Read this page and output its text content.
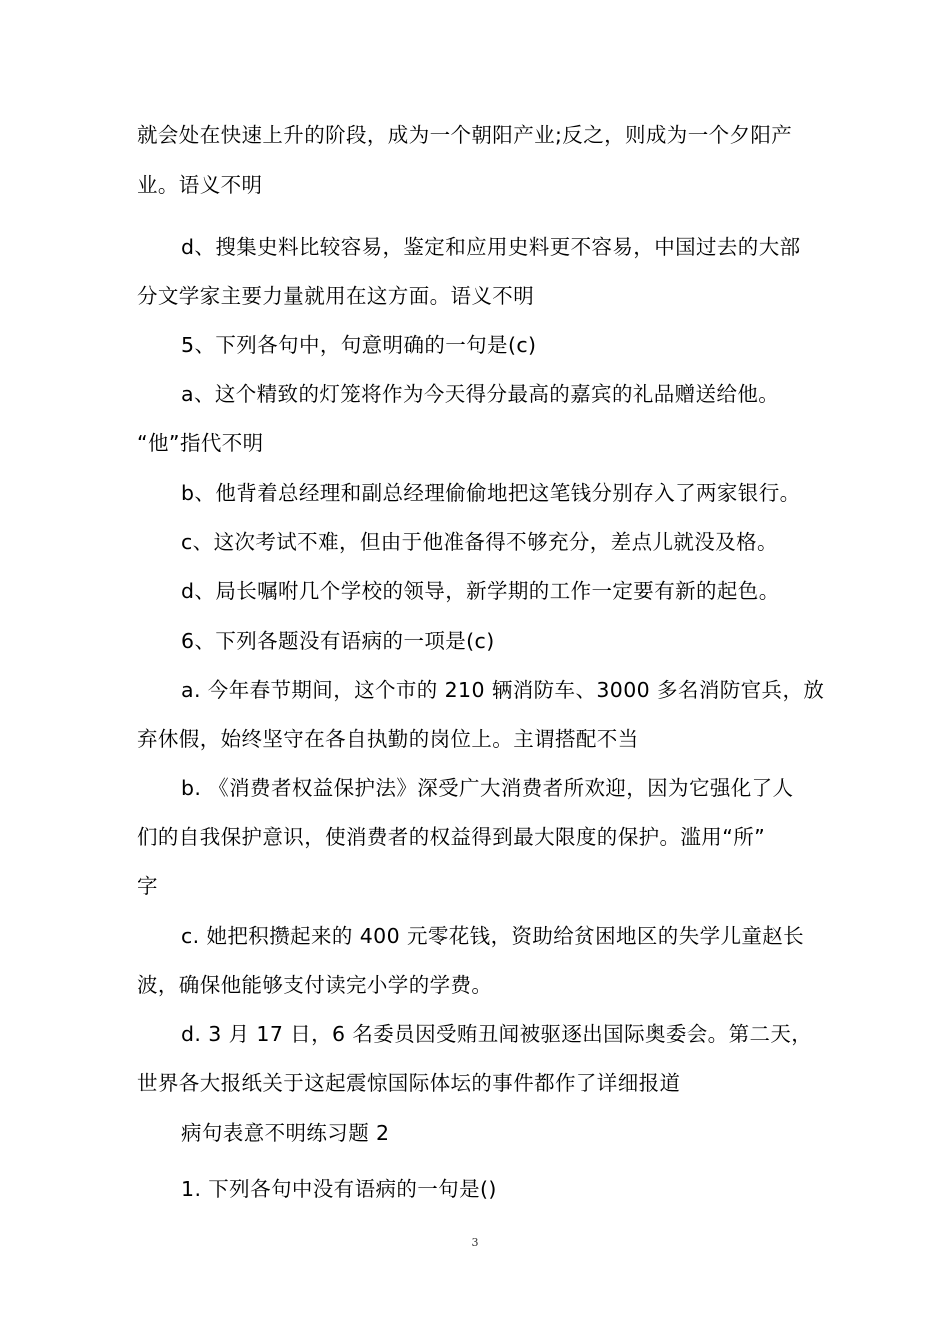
就会处在快速上升的阶段，成为一个朝阳产业;反之，则成为一个夕阳产
业。语义不明
d、搜集史料比较容易，鉴定和应用史料更不容易，中国过去的大部
分文学家主要力量就用在这方面。语义不明
5、下列各句中，句意明确的一句是(c)
a、这个精致的灯笼将作为今天得分最高的嘉宾的礼品赠送给他。
“他”指代不明
b、他背着总经理和副总经理偷偷地把这笔钱分别存入了两家银行。
c、这次考试不难，但由于他准备得不够充分，差点儿就没及格。
d、局长嘱咐几个学校的领导，新学期的工作一定要有新的起色。
6、下列各题没有语病的一项是(c)
a. 今年春节期间，这个市的 210 辆消防车、3000 多名消防官兵，放
弃休假，始终坚守在各自执勤的岗位上。主谓搭配不当
b. 《消费者权益保护法》深受广大消费者所欢迎，因为它强化了人
们的自我保护意识，使消费者的权益得到最大限度的保护。滥用“所”
字
c. 她把积攒起来的 400 元零花钱，资助给贫困地区的失学儿童赵长
波，确保他能够支付读完小学的学费。
d. 3 月 17 日，6 名委员因受贿丑闻被驱逐出国际奥委会。第二天，
世界各大报纸关于这起震惊国际体坛的事件都作了详细报道
病句表意不明练习题 2
1. 下列各句中没有语病的一句是()
3
